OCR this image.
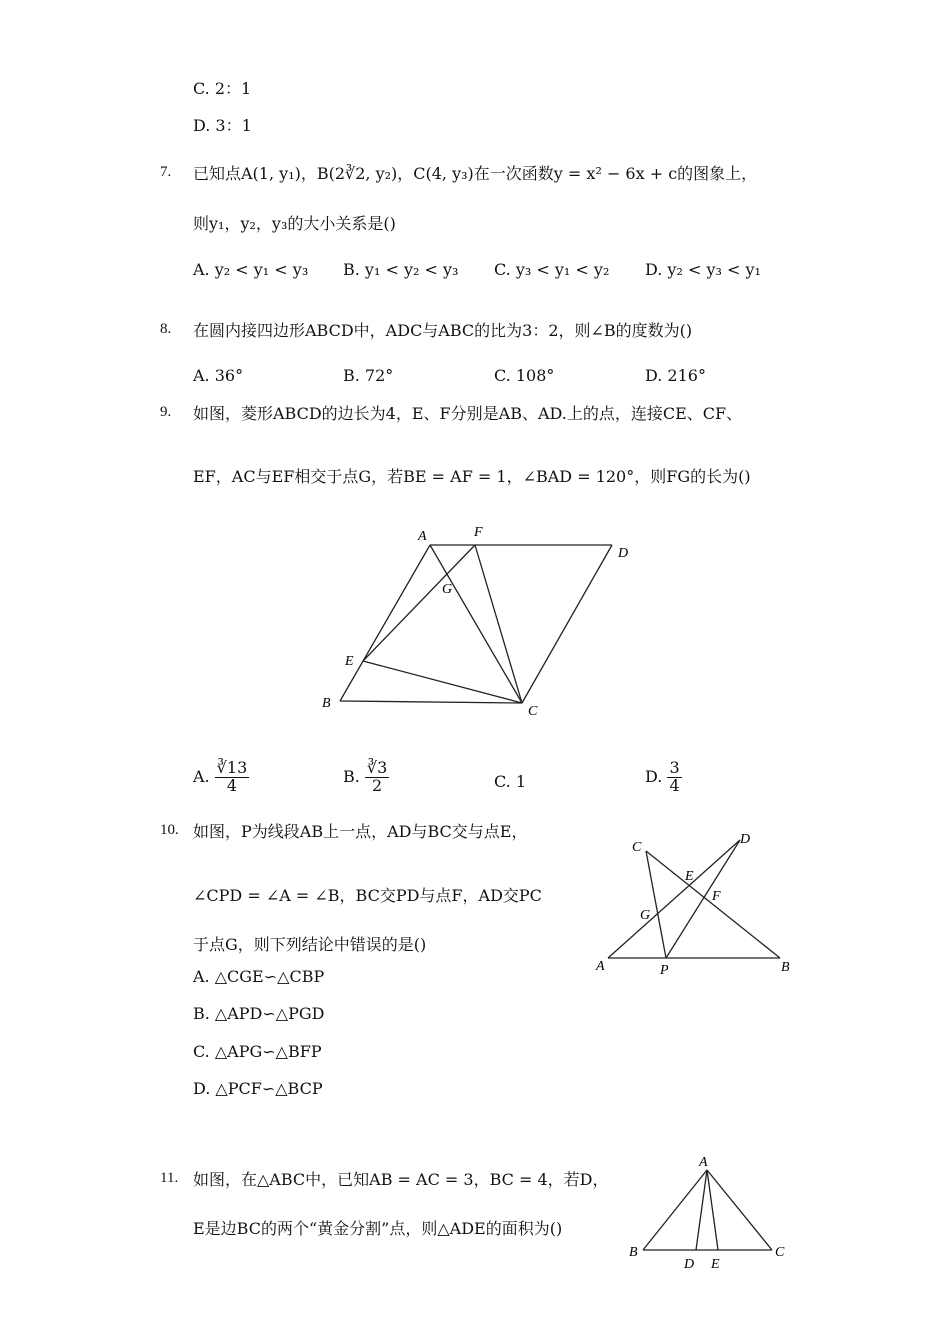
C. 2：1
D. 3：1
7. 已知点A(1, y₁)，B(2∛2, y₂)，C(4, y₃)在一次函数y = x² − 6x + c的图象上，
则y₁，y₂，y₃的大小关系是()
A. y₂ < y₁ < y₃ B. y₁ < y₂ < y₃ C. y₃ < y₁ < y₂ D. y₂ < y₃ < y₁
8. 在圆内接四边形ABCD中，ADC与ABC的比为3：2，则∠B的度数为()
A. 36°	B. 72°	C. 108°	D. 216°
9. 如图，菱形ABCD的边长为4，E、F分别是AB、AD.上的点，连接CE、CF、
EF，AC与EF相交于点G，若BE = AF = 1，∠BAD = 120°，则FG的长为()
A	F
D
G
E
B
C
A. $\frac{∛13}{4}$	B. $\frac{∛3}{2}$	C. 1	D. $\frac{3}{4}$
10. 如图，P为线段AB上一点，AD与BC交与点E，
∠CPD = ∠A = ∠B，BC交PD与点F，AD交PC
于点G，则下列结论中错误的是()
A. △CGE∽△CBP
B. △APD∽△PGD
C. △APG∽△BFP
D. △PCF∽△BCP
C
D
E
F
G
A	P	B
11. 如图，在△ABC中，已知AB = AC = 3，BC = 4，若D，
E是边BC的两个“黄金分割”点，则△ADE的面积为()
A
B
D E
C
